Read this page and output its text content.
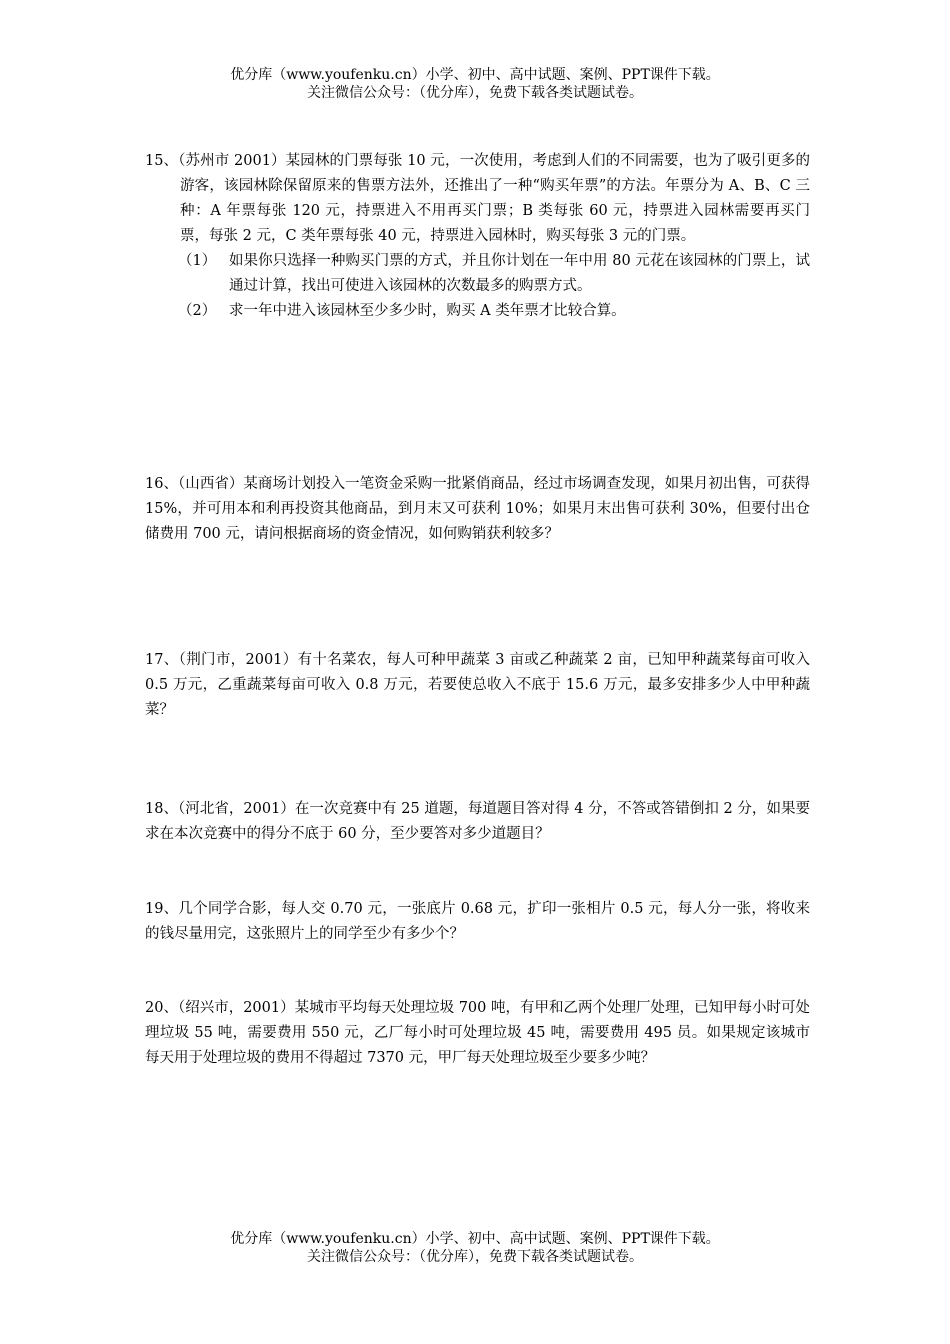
优分库（www.youfenku.cn）小学、初中、高中试题、案例、PPT课件下载。
关注微信公众号：（优分库），免费下载各类试题试卷。

15、（苏州市 2001）某园林的门票每张 10 元，一次使用，考虑到人们的不同需要，也为了吸引更多的游客，该园林除保留原来的售票方法外，还推出了一种“购买年票”的方法。年票分为 A、B、C 三种：A 年票每张 120 元，持票进入不用再买门票；B 类每张 60 元，持票进入园林需要再买门票，每张 2 元，C 类年票每张 40 元，持票进入园林时，购买每张 3 元的门票。

（1） 如果你只选择一种购买门票的方式，并且你计划在一年中用 80 元花在该园林的门票上，试通过计算，找出可使进入该园林的次数最多的购票方式。

（2） 求一年中进入该园林至少多少时，购买 A 类年票才比较合算。

16、（山西省）某商场计划投入一笔资金采购一批紧俏商品，经过市场调查发现，如果月初出售，可获得 15%，并可用本和利再投资其他商品，到月末又可获利 10%；如果月末出售可获利 30%，但要付出仓储费用 700 元，请问根据商场的资金情况，如何购销获利较多？

17、（荆门市，2001）有十名菜农，每人可种甲蔬菜 3 亩或乙种蔬菜 2 亩，已知甲种蔬菜每亩可收入 0.5 万元，乙重蔬菜每亩可收入 0.8 万元，若要使总收入不底于 15.6 万元，最多安排多少人中甲种蔬菜？

18、（河北省，2001）在一次竞赛中有 25 道题，每道题目答对得 4 分，不答或答错倒扣 2 分，如果要求在本次竞赛中的得分不底于 60 分，至少要答对多少道题目？

19、几个同学合影，每人交 0.70 元，一张底片 0.68 元，扩印一张相片 0.5 元，每人分一张，将收来的钱尽量用完，这张照片上的同学至少有多少个？

20、（绍兴市，2001）某城市平均每天处理垃圾 700 吨，有甲和乙两个处理厂处理，已知甲每小时可处理垃圾 55 吨，需要费用 550 元，乙厂每小时可处理垃圾 45 吨，需要费用 495 员。如果规定该城市每天用于处理垃圾的费用不得超过 7370 元，甲厂每天处理垃圾至少要多少吨？

优分库（www.youfenku.cn）小学、初中、高中试题、案例、PPT课件下载。
关注微信公众号：（优分库），免费下载各类试题试卷。
